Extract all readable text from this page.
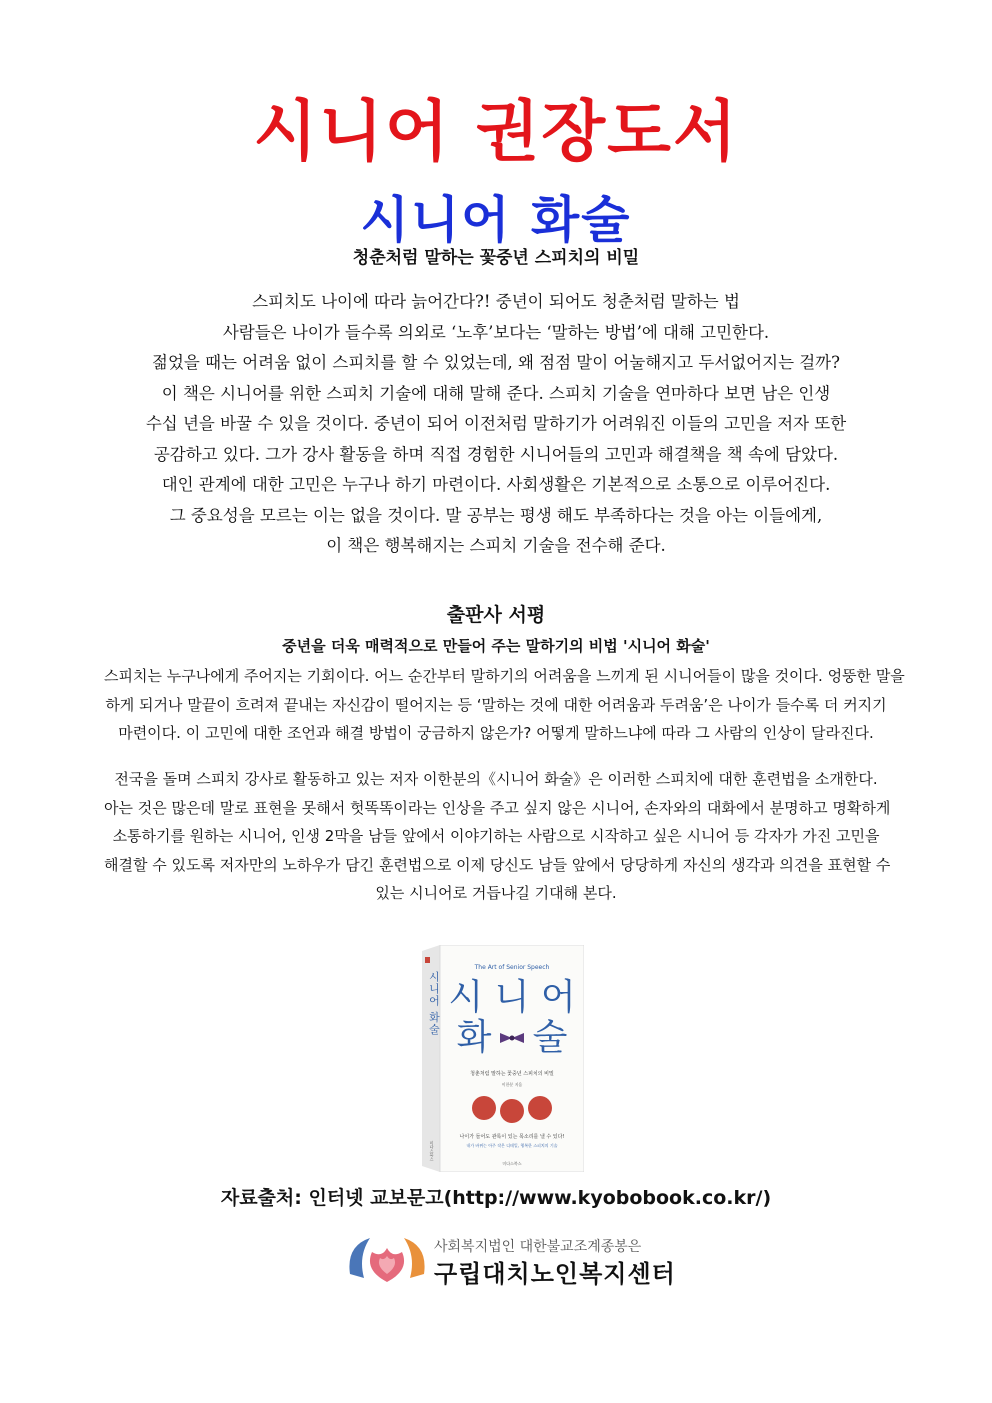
시니어 권장도서
시니어 화술
청춘처럼 말하는 꽃중년 스피치의 비밀

스피치도 나이에 따라 늙어간다?! 중년이 되어도 청춘처럼 말하는 법

사람들은 나이가 들수록 의외로 ‘노후’보다는 ‘말하는 방법’에 대해 고민한다.

젊었을 때는 어려움 없이 스피치를 할 수 있었는데, 왜 점점 말이 어눌해지고 두서없어지는 걸까?

이 책은 시니어를 위한 스피치 기술에 대해 말해 준다. 스피치 기술을 연마하다 보면 남은 인생

수십 년을 바꿀 수 있을 것이다. 중년이 되어 이전처럼 말하기가 어려워진 이들의 고민을 저자 또한

공감하고 있다. 그가 강사 활동을 하며 직접 경험한 시니어들의 고민과 해결책을 책 속에 담았다.

대인 관계에 대한 고민은 누구나 하기 마련이다. 사회생활은 기본적으로 소통으로 이루어진다.

그 중요성을 모르는 이는 없을 것이다. 말 공부는 평생 해도 부족하다는 것을 아는 이들에게,

이 책은 행복해지는 스피치 기술을 전수해 준다.

출판사 서평
중년을 더욱 매력적으로 만들어 주는 말하기의 비법 '시니어 화술'

스피치는 누구나에게 주어지는 기회이다. 어느 순간부터 말하기의 어려움을 느끼게 된 시니어들이 많을 것이다. 엉뚱한 말을

하게 되거나 말끝이 흐려져 끝내는 자신감이 떨어지는 등 ‘말하는 것에 대한 어려움과 두려움’은 나이가 들수록 더 커지기

마련이다. 이 고민에 대한 조언과 해결 방법이 궁금하지 않은가? 어떻게 말하느냐에 따라 그 사람의 인상이 달라진다.

전국을 돌며 스피치 강사로 활동하고 있는 저자 이한분의《시니어 화술》은 이러한 스피치에 대한 훈련법을 소개한다.

아는 것은 많은데 말로 표현을 못해서 헛똑똑이라는 인상을 주고 싶지 않은 시니어, 손자와의 대화에서 분명하고 명확하게

소통하기를 원하는 시니어, 인생 2막을 남들 앞에서 이야기하는 사람으로 시작하고 싶은 시니어 등 각자가 가진 고민을

해결할 수 있도록 저자만의 노하우가 담긴 훈련법으로 이제 당신도 남들 앞에서 당당하게 자신의 생각과 의견을 표현할 수

있는 시니어로 거듭나길 기대해 본다.

시니어 화술
미다스북스
The Art of Senior Speech
시 니 어
화 술
청춘처럼 말하는 꽃중년 스피치의 비밀
이한분 지음
나이가 들어도 관록이 있는 목소리를 낼 수 있다!
내가 바뀌는 아주 작은 디테일, 행복한 스피치의 기술
미다스북스
자료출처: 인터넷 교보문고(http://www.kyobobook.co.kr/)
사회복지법인 대한불교조계종봉은
구립대치노인복지센터
